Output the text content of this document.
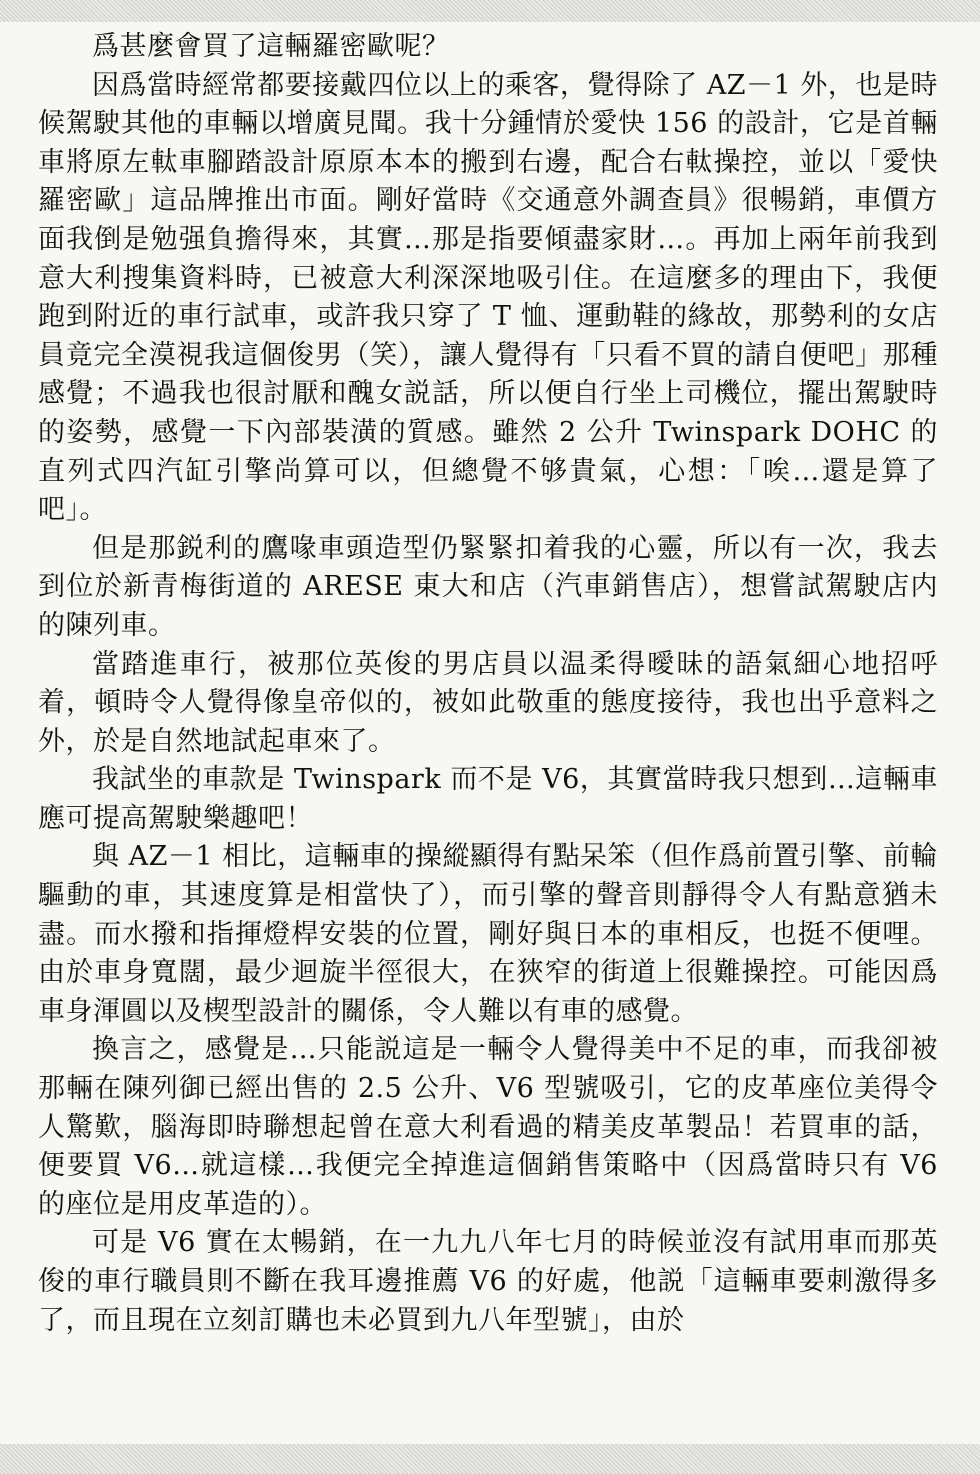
爲甚麼會買了這輛羅密歐呢？

因爲當時經常都要接戴四位以上的乘客，覺得除了 AZ－1 外，也是時候駕駛其他的車輛以增廣見聞。我十分鍾情於愛快 156 的設計，它是首輛車將原左軚車腳踏設計原原本本的搬到右邊，配合右軚操控，並以「愛快羅密歐」這品牌推出市面。剛好當時《交通意外調查員》很暢銷，車價方面我倒是勉强負擔得來，其實…那是指要傾盡家財…。再加上兩年前我到意大利搜集資料時，已被意大利深深地吸引住。在這麼多的理由下，我便跑到附近的車行試車，或許我只穿了 T 恤、運動鞋的緣故，那勢利的女店員竟完全漠視我這個俊男（笑），讓人覺得有「只看不買的請自便吧」那種感覺；不過我也很討厭和醜女説話，所以便自行坐上司機位，擺出駕駛時的姿勢，感覺一下內部裝潢的質感。雖然 2 公升 Twinspark DOHC 的直列式四汽缸引擎尚算可以，但總覺不够貴氣，心想：「唉…還是算了吧」。

但是那鋭利的鷹喙車頭造型仍緊緊扣着我的心靈，所以有一次，我去到位於新青梅街道的 ARESE 東大和店（汽車銷售店），想嘗試駕駛店内的陳列車。

當踏進車行，被那位英俊的男店員以温柔得曖昧的語氣細心地招呼着，頓時令人覺得像皇帝似的，被如此敬重的態度接待，我也出乎意料之外，於是自然地試起車來了。

我試坐的車款是 Twinspark 而不是 V6，其實當時我只想到…這輛車應可提高駕駛樂趣吧！

與 AZ－1 相比，這輛車的操縱顯得有點呆笨（但作爲前置引擎、前輪驅動的車，其速度算是相當快了），而引擎的聲音則靜得令人有點意猶未盡。而水撥和指揮燈桿安裝的位置，剛好與日本的車相反，也挺不便哩。由於車身寬闊，最少迴旋半徑很大，在狹窄的街道上很難操控。可能因爲車身渾圓以及楔型設計的關係，令人難以有車的感覺。

換言之，感覺是…只能説這是一輛令人覺得美中不足的車，而我卻被那輛在陳列御已經出售的 2.5 公升、V6 型號吸引，它的皮革座位美得令人驚歎，腦海即時聯想起曾在意大利看過的精美皮革製品！若買車的話，便要買 V6…就這樣…我便完全掉進這個銷售策略中（因爲當時只有 V6 的座位是用皮革造的）。

可是 V6 實在太暢銷，在一九九八年七月的時候並沒有試用車而那英俊的車行職員則不斷在我耳邊推薦 V6 的好處，他説「這輛車要刺激得多了，而且現在立刻訂購也未必買到九八年型號」，由於
